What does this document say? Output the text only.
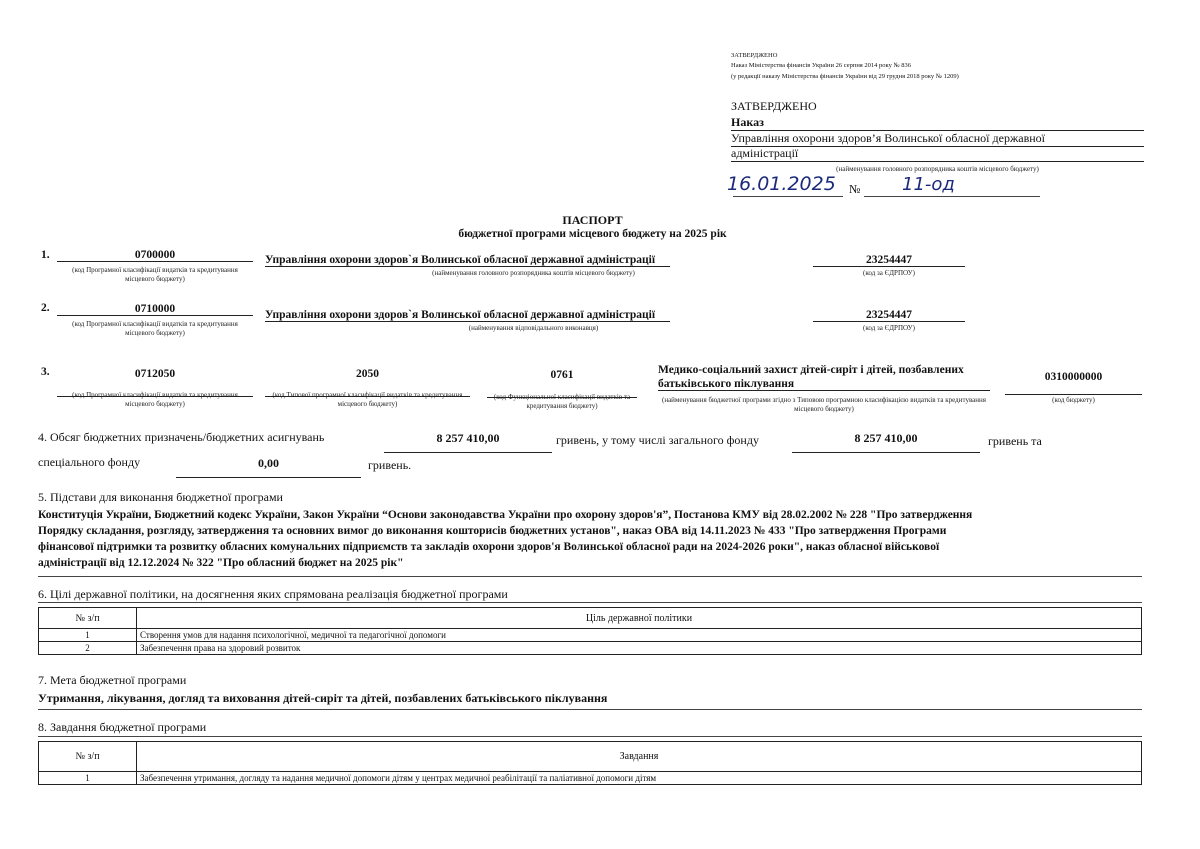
ЗАТВЕРДЖЕНО
Наказ Міністерства фінансів України 26 серпня 2014 року № 836
(у редакції наказу Міністерства фінансів України від 29 грудня 2018 року № 1209)
ЗАТВЕРДЖЕНО
Наказ
Управління охорони здоров’я Волинської обласної державної
адміністрації
(найменування головного розпорядника коштів місцевого бюджету)
16.01.2025 № 11-од
ПАСПОРТ
бюджетної програми місцевого бюджету на 2025 рік
1.	0700000
(код Програмної класифікації видатків та кредитування місцевого бюджету)
Управління охорони здоров`я Волинської обласної державної адміністрації
(найменування головного розпорядника коштів місцевого бюджету)
23254447
(код за ЄДРПОУ)
2.	0710000
(код Програмної класифікації видатків та кредитування місцевого бюджету)
Управління охорони здоров`я Волинської обласної державної адміністрації
(найменування відповідального виконавця)
23254447
(код за ЄДРПОУ)
3.	0712050
(код Програмної класифікації видатків та кредитування місцевого бюджету)
2050
(код Типової програмної класифікації видатків та кредитування місцевого бюджету)
0761
(код Функціональної класифікації видатків та кредитування бюджету)
Медико-соціальний захист дітей-сиріт і дітей, позбавлених
батьківського піклування
(найменування бюджетної програми згідно з Типовою програмною класифікацією видатків та кредитування місцевого бюджету)
0310000000
(код бюджету)
4. Обсяг бюджетних призначень/бюджетних асигнувань	8 257 410,00	гривень, у тому числі загального фонду	8 257 410,00	гривень та
спеціального фонду	0,00	гривень.
5. Підстави для виконання бюджетної програми
Конституція України, Бюджетний кодекс України, Закон України “Основи законодавства України про охорону здоров'я”, Постанова КМУ від 28.02.2002 № 228 "Про затвердження
Порядку складання, розгляду, затвердження та основних вимог до виконання кошторисів бюджетних установ", наказ ОВА від 14.11.2023 № 433 "Про затвердження Програми
фінансової підтримки та розвитку обласних комунальних підприємств та закладів охорони здоров'я Волинської обласної ради на 2024-2026 роки", наказ обласної військової
адміністрації від 12.12.2024 № 322 "Про обласний бюджет на 2025 рік"
6. Цілі державної політики, на досягнення яких спрямована реалізація бюджетної програми
№ з/п	Ціль державної політики
1	Створення умов для надання психологічної, медичної та педагогічної допомоги
2	Забезпечення права на здоровий розвиток
7. Мета бюджетної програми
Утримання, лікування, догляд та виховання дітей-сиріт та дітей, позбавлених батьківського піклування
8. Завдання бюджетної програми
№ з/п	Завдання
1	Забезпечення утримання, догляду та надання медичної допомоги дітям у центрах медичної реабілітації та паліативної допомоги дітям
